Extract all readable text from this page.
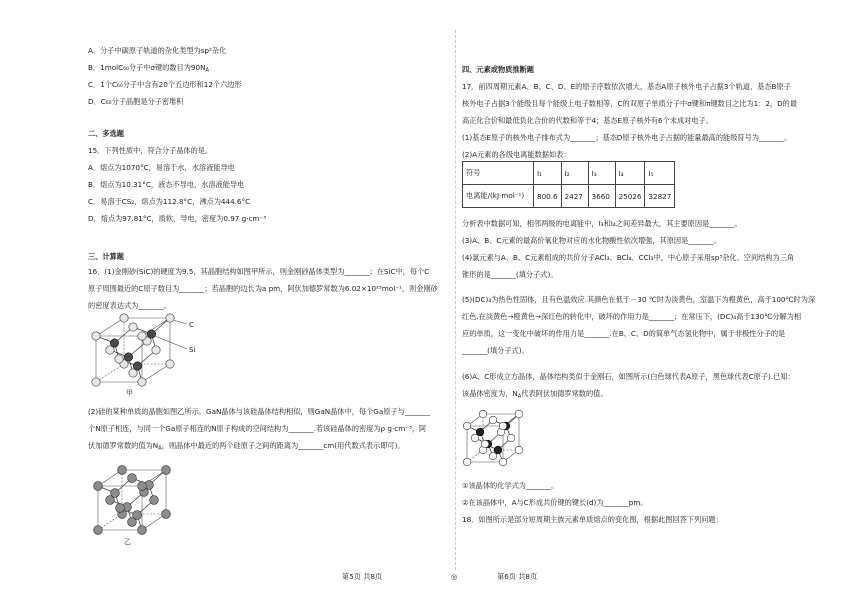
A．分子中碳原子轨道的杂化类型为sp²杂化
B．1molC₆₀分子中σ键的数目为$90N_A$
C．1个C₆₀分子中含有20个五边形和12个六边形
D．C₆₀分子晶胞是分子密堆积
二、多选题
15．下列性质中，符合分子晶体的是。
A．熔点为1070°C，易溶于水，水溶液能导电
B．熔点为10.31°C，液态不导电，水溶液能导电
C．易溶于CS₂，熔点为112.8°C，沸点为444.6°C
D．熔点为97.81°C，质软，导电，密度为0.97 g·cm⁻³
三、计算题
16．(1)金刚砂(SiC)的硬度为9.5，其晶胞结构如图甲所示，则金刚砂晶体类型为_______；在SiC中，每个C
原子周围最近的C原子数目为_______；若晶胞的边长为a pm，阿伏加德罗常数为6.02×10²³mol⁻¹，则金刚砂
的密度表达式为_______。
C
Si
甲
(2)硅的某种单质的晶胞如图乙所示。GaN晶体与该硅晶体结构相似，则GaN晶体中，每个Ga原子与_______
个N原子相连，与同一个Ga原子相连的N原子构成的空间结构为_______.若该硅晶体的密度为ρ g·cm⁻³，阿
伏加德罗常数的值为$N_A$，则晶体中最近的两个硅原子之间的距离为_______cm(用代数式表示即可)。
乙
四、元素或物质推断题
17．前四周期元素A、B、C、D、E的原子序数依次增大，基态A原子核外电子占据3个轨道，基态B原子
核外电子占据3个能级且每个能级上电子数相等，C的双原子单质分子中σ键和π键数目之比为1：2，D的最
高正化合价和最低负化合价的代数和等于4；基态E原子核外有6个未成对电子。
(1)基态E原子的核外电子排布式为_______；基态D原子核外电子占据的能量最高的能级符号为_______。
(2)A元素的各级电离能数据如表：
符号	I₁	I₂	I₃	I₄	I₅
电离能/(kJ·mol⁻¹)	800.6	2427	3660	25026	32827
分析表中数据可知，相邻两级的电离能中，I₃和I₄之间差异最大，其主要原因是_______。
(3)A、B、C元素的最高价氧化物对应的水化物酸性依次增强，其原因是_______。
(4)氯元素与A、B、C元素组成的共价分子ACl₃、BCl₄、CCl₃中，中心原子采用sp³杂化、空间结构为三角
锥形的是_______(填分子式)。
(5)(DC)₄为热色性固体，且有色温效应.其颜色在低于－30 ℃时为淡黄色，室温下为橙黄色，高于100℃时为深
红色.在淡黄色→橙黄色→深红色的转化中，破坏的作用力是_______；在常压下，(DC)₄高于130℃分解为相
应的单质，这一变化中破坏的作用力是_______.在B、C、D的简单气态氢化物中，属于非极性分子的是
_______(填分子式)。
(6)A、C形成立方晶体，晶体结构类似于金刚石，如图所示(白色球代表A原子，黑色球代表C原子).已知：
该晶体密度为，$N_A$代表阿伏加德罗常数的值。
①该晶体的化学式为_______。
②在该晶体中，A与C形成共价键的键长(d)为_______pm。
18．如图所示是部分短周期主族元素单质熔点的变化图，根据此图回答下列问题：
第5页 共8页	◎	第6页 共8页
